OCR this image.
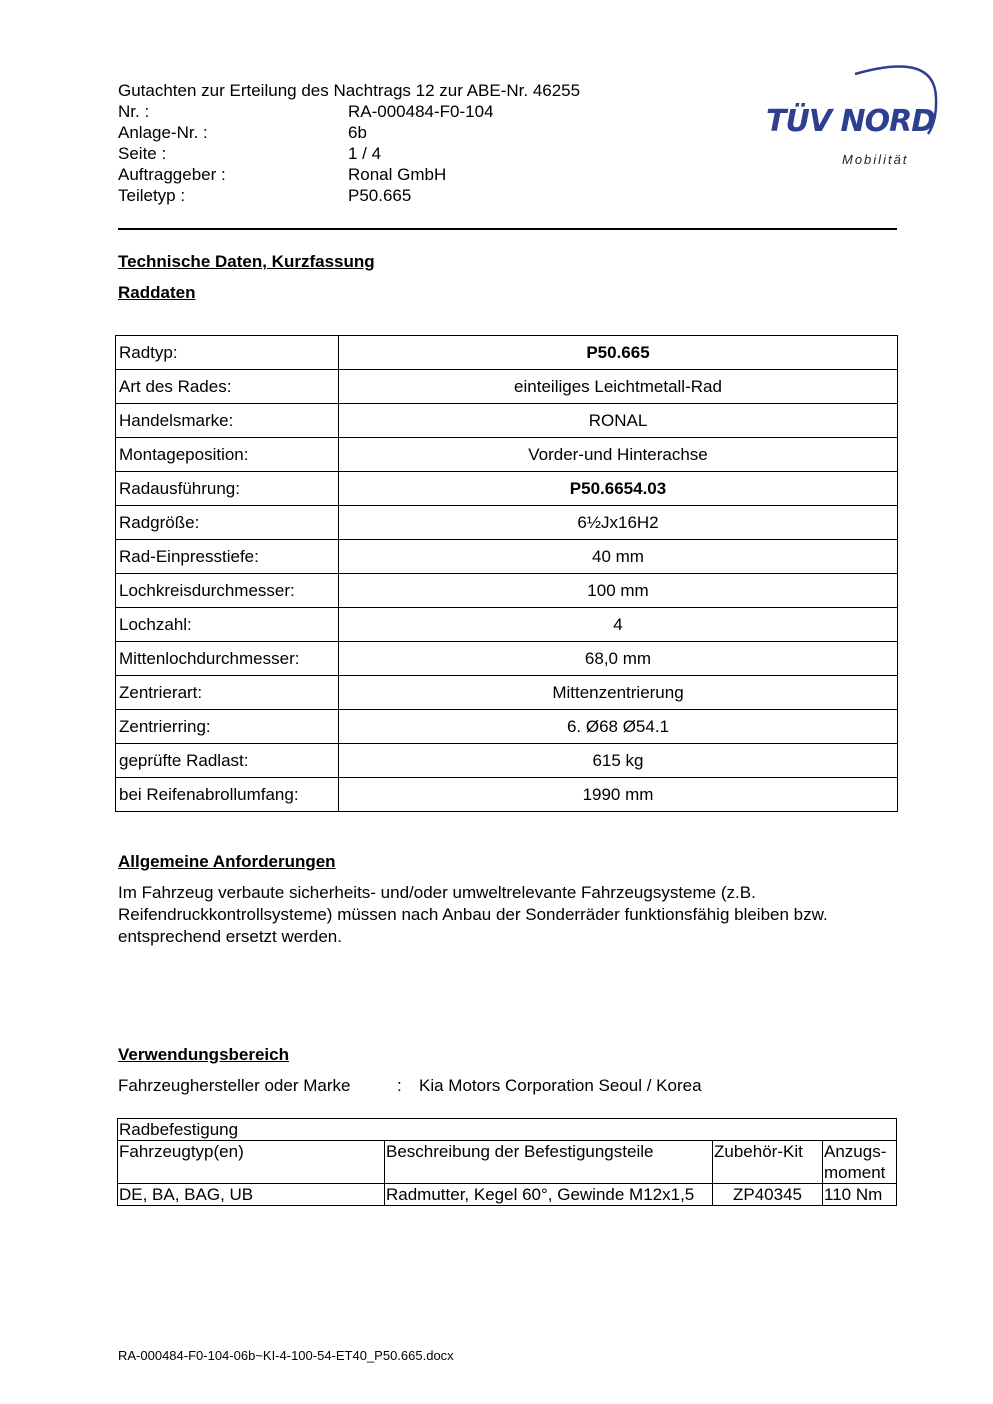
Gutachten zur Erteilung des Nachtrags 12 zur ABE-Nr. 46255
Nr. :	RA-000484-F0-104
Anlage-Nr. :	6b
Seite :	1 / 4
Auftraggeber :	Ronal GmbH
Teiletyp :	P50.665
TÜV NORD
Mobilität
Technische Daten, Kurzfassung
Raddaten
Radtyp:	P50.665
Art des Rades:	einteiliges Leichtmetall-Rad
Handelsmarke:	RONAL
Montageposition:	Vorder-und Hinterachse
Radausführung:	P50.6654.03
Radgröße:	6½Jx16H2
Rad-Einpresstiefe:	40 mm
Lochkreisdurchmesser:	100 mm
Lochzahl:	4
Mittenlochdurchmesser:	68,0 mm
Zentrierart:	Mittenzentrierung
Zentrierring:	6. Ø68 Ø54.1
geprüfte Radlast:	615 kg
bei Reifenabrollumfang:	1990 mm
Allgemeine Anforderungen
Im Fahrzeug verbaute sicherheits- und/oder umweltrelevante Fahrzeugsysteme (z.B. Reifendruckkontrollsysteme) müssen nach Anbau der Sonderräder funktionsfähig bleiben bzw. entsprechend ersetzt werden.
Verwendungsbereich
Fahrzeughersteller oder Marke	: Kia Motors Corporation Seoul / Korea
Radbefestigung			
Fahrzeugtyp(en)	Beschreibung der Befestigungsteile	Zubehör-Kit	Anzugs- moment
DE, BA, BAG, UB	Radmutter, Kegel 60°, Gewinde M12x1,5	ZP40345	110 Nm
RA-000484-F0-104-06b~KI-4-100-54-ET40_P50.665.docx
